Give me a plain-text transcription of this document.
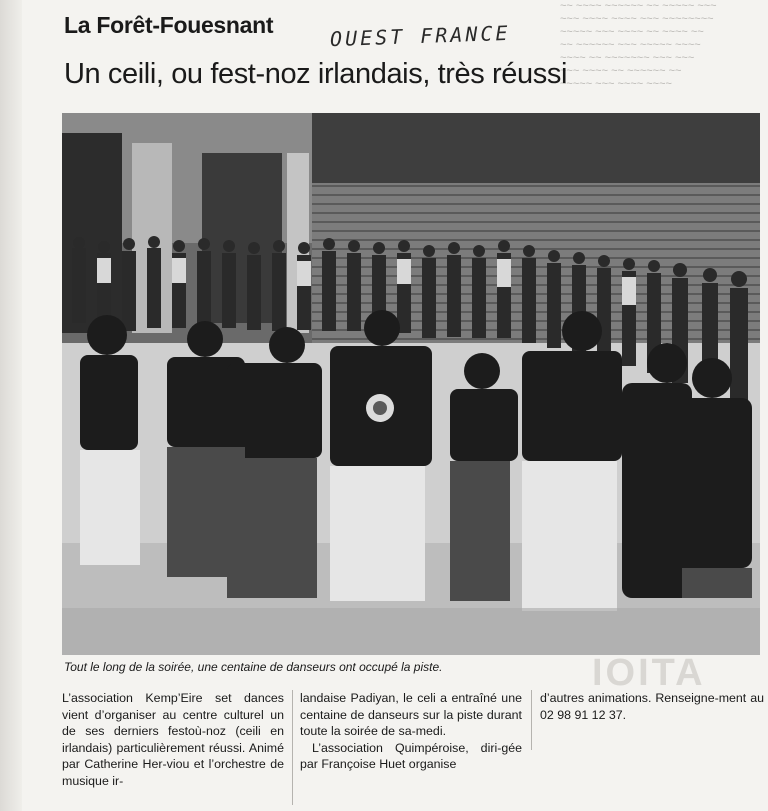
~~ ~~~~ ~~~~~~ ~~ ~~~~~ ~~~
~~~ ~~~~ ~~~~ ~~~ ~~~~~~~~
~~~~~ ~~~ ~~~~ ~~ ~~~~ ~~
~~ ~~~~~~ ~~~ ~~~~~ ~~~~
~~~~ ~~ ~~~~~~~ ~~~ ~~~
~~~ ~~~~ ~~ ~~~~~~ ~~
~~~~~ ~~~ ~~~~ ~~~~
La Forêt-Fouesnant	OUEST FRANCE
Un ceili, ou fest-noz irlandais, très réussi
Tout le long de la soirée, une centaine de danseurs ont occupé la piste.	IOITA

L’association Kemp’Eire set dances vient d’organiser au centre culturel un de ses derniers festoù-noz (ceili en irlandais) particulièrement réussi. Animé par Catherine Her-viou et l’orchestre de musique ir-

landaise Padiyan, le celi a entraîné une centaine de danseurs sur la piste durant toute la soirée de sa-medi.

L’association Quimpéroise, diri-gée par Françoise Huet organise

d’autres animations. Renseigne-ment au 02 98 91 12 37.
